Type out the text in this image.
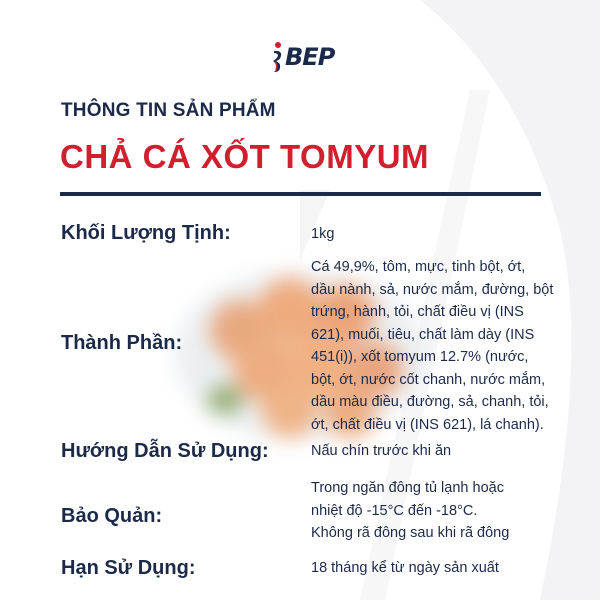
BEP
THÔNG TIN SẢN PHẨM
CHẢ CÁ XỐT TOMYUM
Khối Lượng Tịnh:	1kg
Thành Phần:
Cá 49,9%, tôm, mực, tinh bột, ớt,
dầu nành, sả, nước mắm, đường, bột
trứng, hành, tỏi, chất điều vị (INS
621), muối, tiêu, chất làm dày (INS
451(i)), xốt tomyum 12.7% (nước,
bột, ớt, nước cốt chanh, nước mắm,
dầu màu điều, đường, sả, chanh, tỏi,
ớt, chất điều vị (INS 621), lá chanh).
Hướng Dẫn Sử Dụng:	Nấu chín trước khi ăn
Bảo Quản:
Trong ngăn đông tủ lạnh hoặc
nhiệt độ -15°C đến -18°C.
Không rã đông sau khi rã đông
Hạn Sử Dụng:	18 tháng kể từ ngày sản xuất
